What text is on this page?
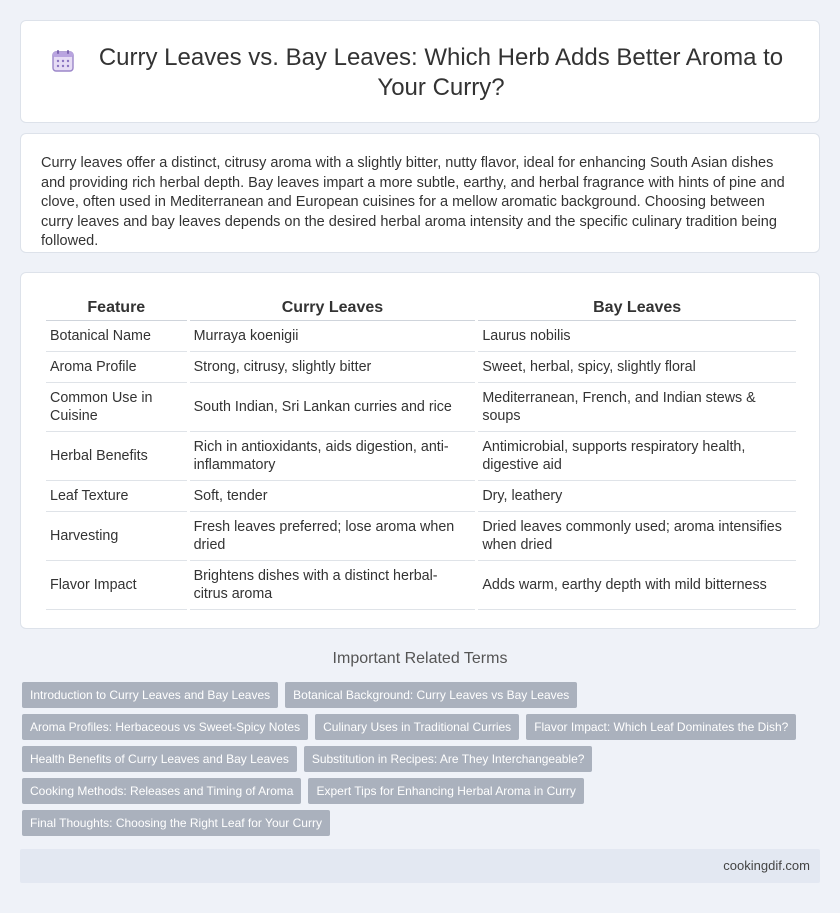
Curry Leaves vs. Bay Leaves: Which Herb Adds Better Aroma to Your Curry?

Curry leaves offer a distinct, citrusy aroma with a slightly bitter, nutty flavor, ideal for enhancing South Asian dishes and providing rich herbal depth. Bay leaves impart a more subtle, earthy, and herbal fragrance with hints of pine and clove, often used in Mediterranean and European cuisines for a mellow aromatic background. Choosing between curry leaves and bay leaves depends on the desired herbal aroma intensity and the specific culinary tradition being followed.

Feature	Curry Leaves	Bay Leaves
Botanical Name	Murraya koenigii	Laurus nobilis
Aroma Profile	Strong, citrusy, slightly bitter	Sweet, herbal, spicy, slightly floral
Common Use in Cuisine	South Indian, Sri Lankan curries and rice	Mediterranean, French, and Indian stews & soups
Herbal Benefits	Rich in antioxidants, aids digestion, anti-inflammatory	Antimicrobial, supports respiratory health, digestive aid
Leaf Texture	Soft, tender	Dry, leathery
Harvesting	Fresh leaves preferred; lose aroma when dried	Dried leaves commonly used; aroma intensifies when dried
Flavor Impact	Brightens dishes with a distinct herbal-citrus aroma	Adds warm, earthy depth with mild bitterness
Important Related Terms
Introduction to Curry Leaves and Bay Leaves	Botanical Background: Curry Leaves vs Bay Leaves
Aroma Profiles: Herbaceous vs Sweet-Spicy Notes	Culinary Uses in Traditional Curries	Flavor Impact: Which Leaf Dominates the Dish?
Health Benefits of Curry Leaves and Bay Leaves	Substitution in Recipes: Are They Interchangeable?
Cooking Methods: Releases and Timing of Aroma	Expert Tips for Enhancing Herbal Aroma in Curry
Final Thoughts: Choosing the Right Leaf for Your Curry
cookingdif.com
